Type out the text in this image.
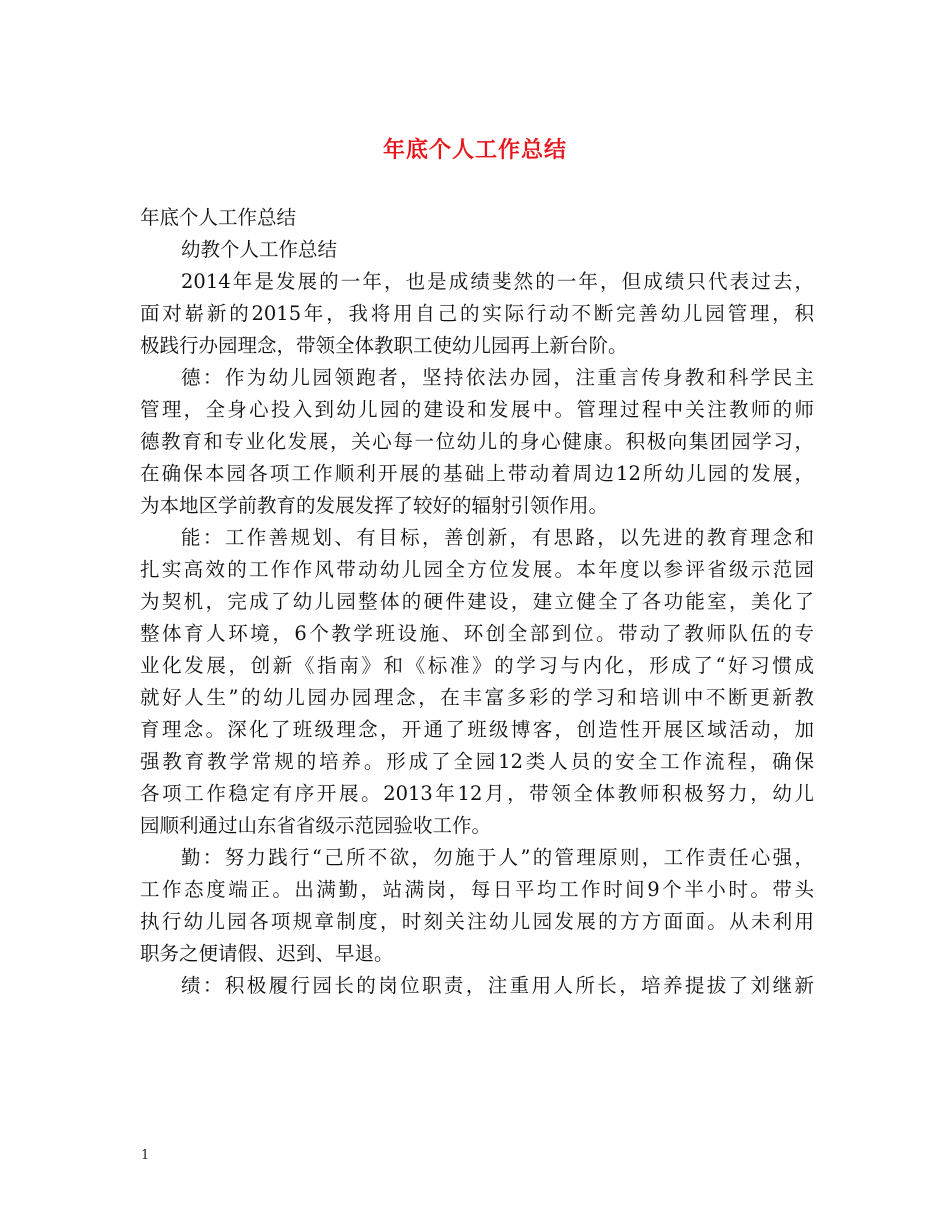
年底个人工作总结
年底个人工作总结
幼教个人工作总结
2014年是发展的一年，也是成绩斐然的一年，但成绩只代表过去，
面对崭新的2015年，我将用自己的实际行动不断完善幼儿园管理，积
极践行办园理念，带领全体教职工使幼儿园再上新台阶。
德：作为幼儿园领跑者，坚持依法办园，注重言传身教和科学民主
管理，全身心投入到幼儿园的建设和发展中。管理过程中关注教师的师
德教育和专业化发展，关心每一位幼儿的身心健康。积极向集团园学习，
在确保本园各项工作顺利开展的基础上带动着周边12所幼儿园的发展，
为本地区学前教育的发展发挥了较好的辐射引领作用。
能：工作善规划、有目标，善创新，有思路，以先进的教育理念和
扎实高效的工作作风带动幼儿园全方位发展。本年度以参评省级示范园
为契机，完成了幼儿园整体的硬件建设，建立健全了各功能室，美化了
整体育人环境，6个教学班设施、环创全部到位。带动了教师队伍的专
业化发展，创新《指南》和《标准》的学习与内化，形成了“好习惯成
就好人生”的幼儿园办园理念，在丰富多彩的学习和培训中不断更新教
育理念。深化了班级理念，开通了班级博客，创造性开展区域活动，加
强教育教学常规的培养。形成了全园12类人员的安全工作流程，确保
各项工作稳定有序开展。2013年12月，带领全体教师积极努力，幼儿
园顺利通过山东省省级示范园验收工作。
勤：努力践行“己所不欲，勿施于人”的管理原则，工作责任心强，
工作态度端正。出满勤，站满岗，每日平均工作时间9个半小时。带头
执行幼儿园各项规章制度，时刻关注幼儿园发展的方方面面。从未利用
职务之便请假、迟到、早退。
绩：积极履行园长的岗位职责，注重用人所长，培养提拔了刘继新
1
